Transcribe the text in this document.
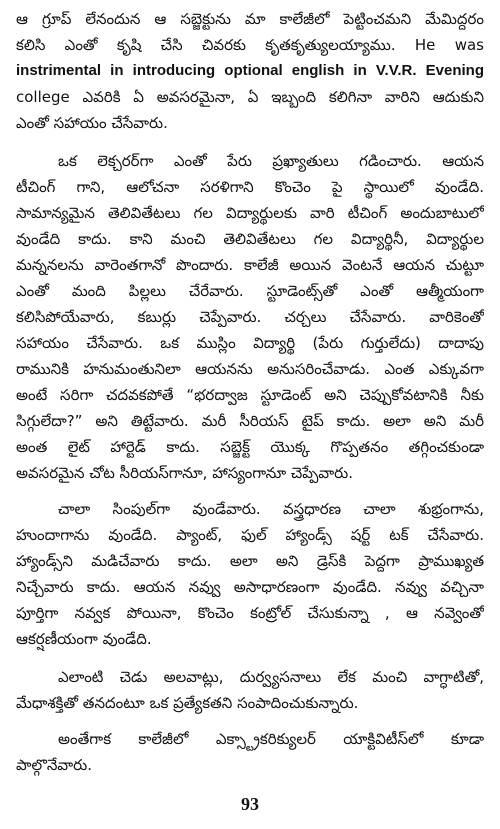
ఆ గ్రూప్ లేనందున ఆ సబ్జెక్టును మా కాలేజీలో పెట్టించమని మేమిద్దరం
కలిసి ఎంతో కృషి చేసి చివరకు కృతకృత్యులయ్యాము. He was
instrimental in introducing optional english in V.V.R. Evening
college ఎవరికి ఏ అవసరమైనా, ఏ ఇబ్బంది కలిగినా వారిని ఆదుకుని
ఎంతో సహాయం చేసేవారు.
ఒక లెక్చరర్‌గా ఎంతో పేరు ప్రఖ్యాతులు గడించారు. ఆయన
టీచింగ్ గాని, ఆలోచనా సరళిగాని కొంచెం పై స్థాయిలో వుండేది.
సామాన్యమైన తెలివితేటలు గల విద్యార్థులకు వారి టీచింగ్ అందుబాటులో
వుండేది కాదు. కాని మంచి తెలివితేటలు గల విద్యార్థినీ, విద్యార్థుల
మన్ననలను వారెంతగానో పొందారు. కాలేజీ అయిన వెంటనే ఆయన చుట్టూ
ఎంతో మంది పిల్లలు చేరేవారు. స్టూడెంట్స్‌తో ఎంతో ఆత్మీయంగా
కలిసిపోయేవారు, కబుర్లు చెప్పేవారు. చర్చలు చేసేవారు. వారికెంతో
సహాయం చేసేవారు. ఒక ముస్లిం విద్యార్థి (పేరు గుర్తులేదు) దాదాపు
రామునికి హనుమంతునిలా ఆయనను అనుసరించేవాడు. ఎంత ఎక్కువగా
అంటే సరిగా చదవకపోతే “భరద్వాజ స్టూడెంట్ అని చెప్పుకోవటానికి నీకు
సిగ్గులేదా?” అని తిట్టేవారు. మరీ సీరియస్ టైప్ కాదు. అలా అని మరీ
అంత లైట్ హార్టెడ్ కాదు. సబ్జెక్ట్ యొక్క గొప్పతనం తగ్గించకుండా
అవసరమైన చోట సీరియస్‌గానూ, హాస్యంగానూ చెప్పేవారు.
చాలా సింపుల్‌గా వుండేవారు. వస్త్రధారణ చాలా శుభ్రంగాను,
హుందాగాను వుండేది. ప్యాంట్, ఫుల్ హ్యాండ్స్ షర్ట్ టక్ చేసేవారు.
హ్యాండ్స్‌ని మడిచేవారు కాదు. అలా అని డ్రెస్‌కి పెద్దగా ప్రాముఖ్యత
నిచ్చేవారు కాదు. ఆయన నవ్వు అసాధారణంగా వుండేది. నవ్వు వచ్చినా
పూర్తిగా నవ్వక పోయినా, కొంచెం కంట్రోల్ చేసుకున్నా , ఆ నవ్వెంతో
ఆకర్షణీయంగా వుండేది.
ఎలాంటి చెడు అలవాట్లు, దుర్వ్యసనాలు లేక మంచి వాగ్ధాటితో,
మేధాశక్తితో తనదంటూ ఒక ప్రత్యేకతని సంపాదించుకున్నారు.
అంతేగాక కాలేజీలో ఎక్స్ట్రాకరిక్యులర్ యాక్టివిటీస్‌లో కూడా
పాల్గొనేవారు.
93
